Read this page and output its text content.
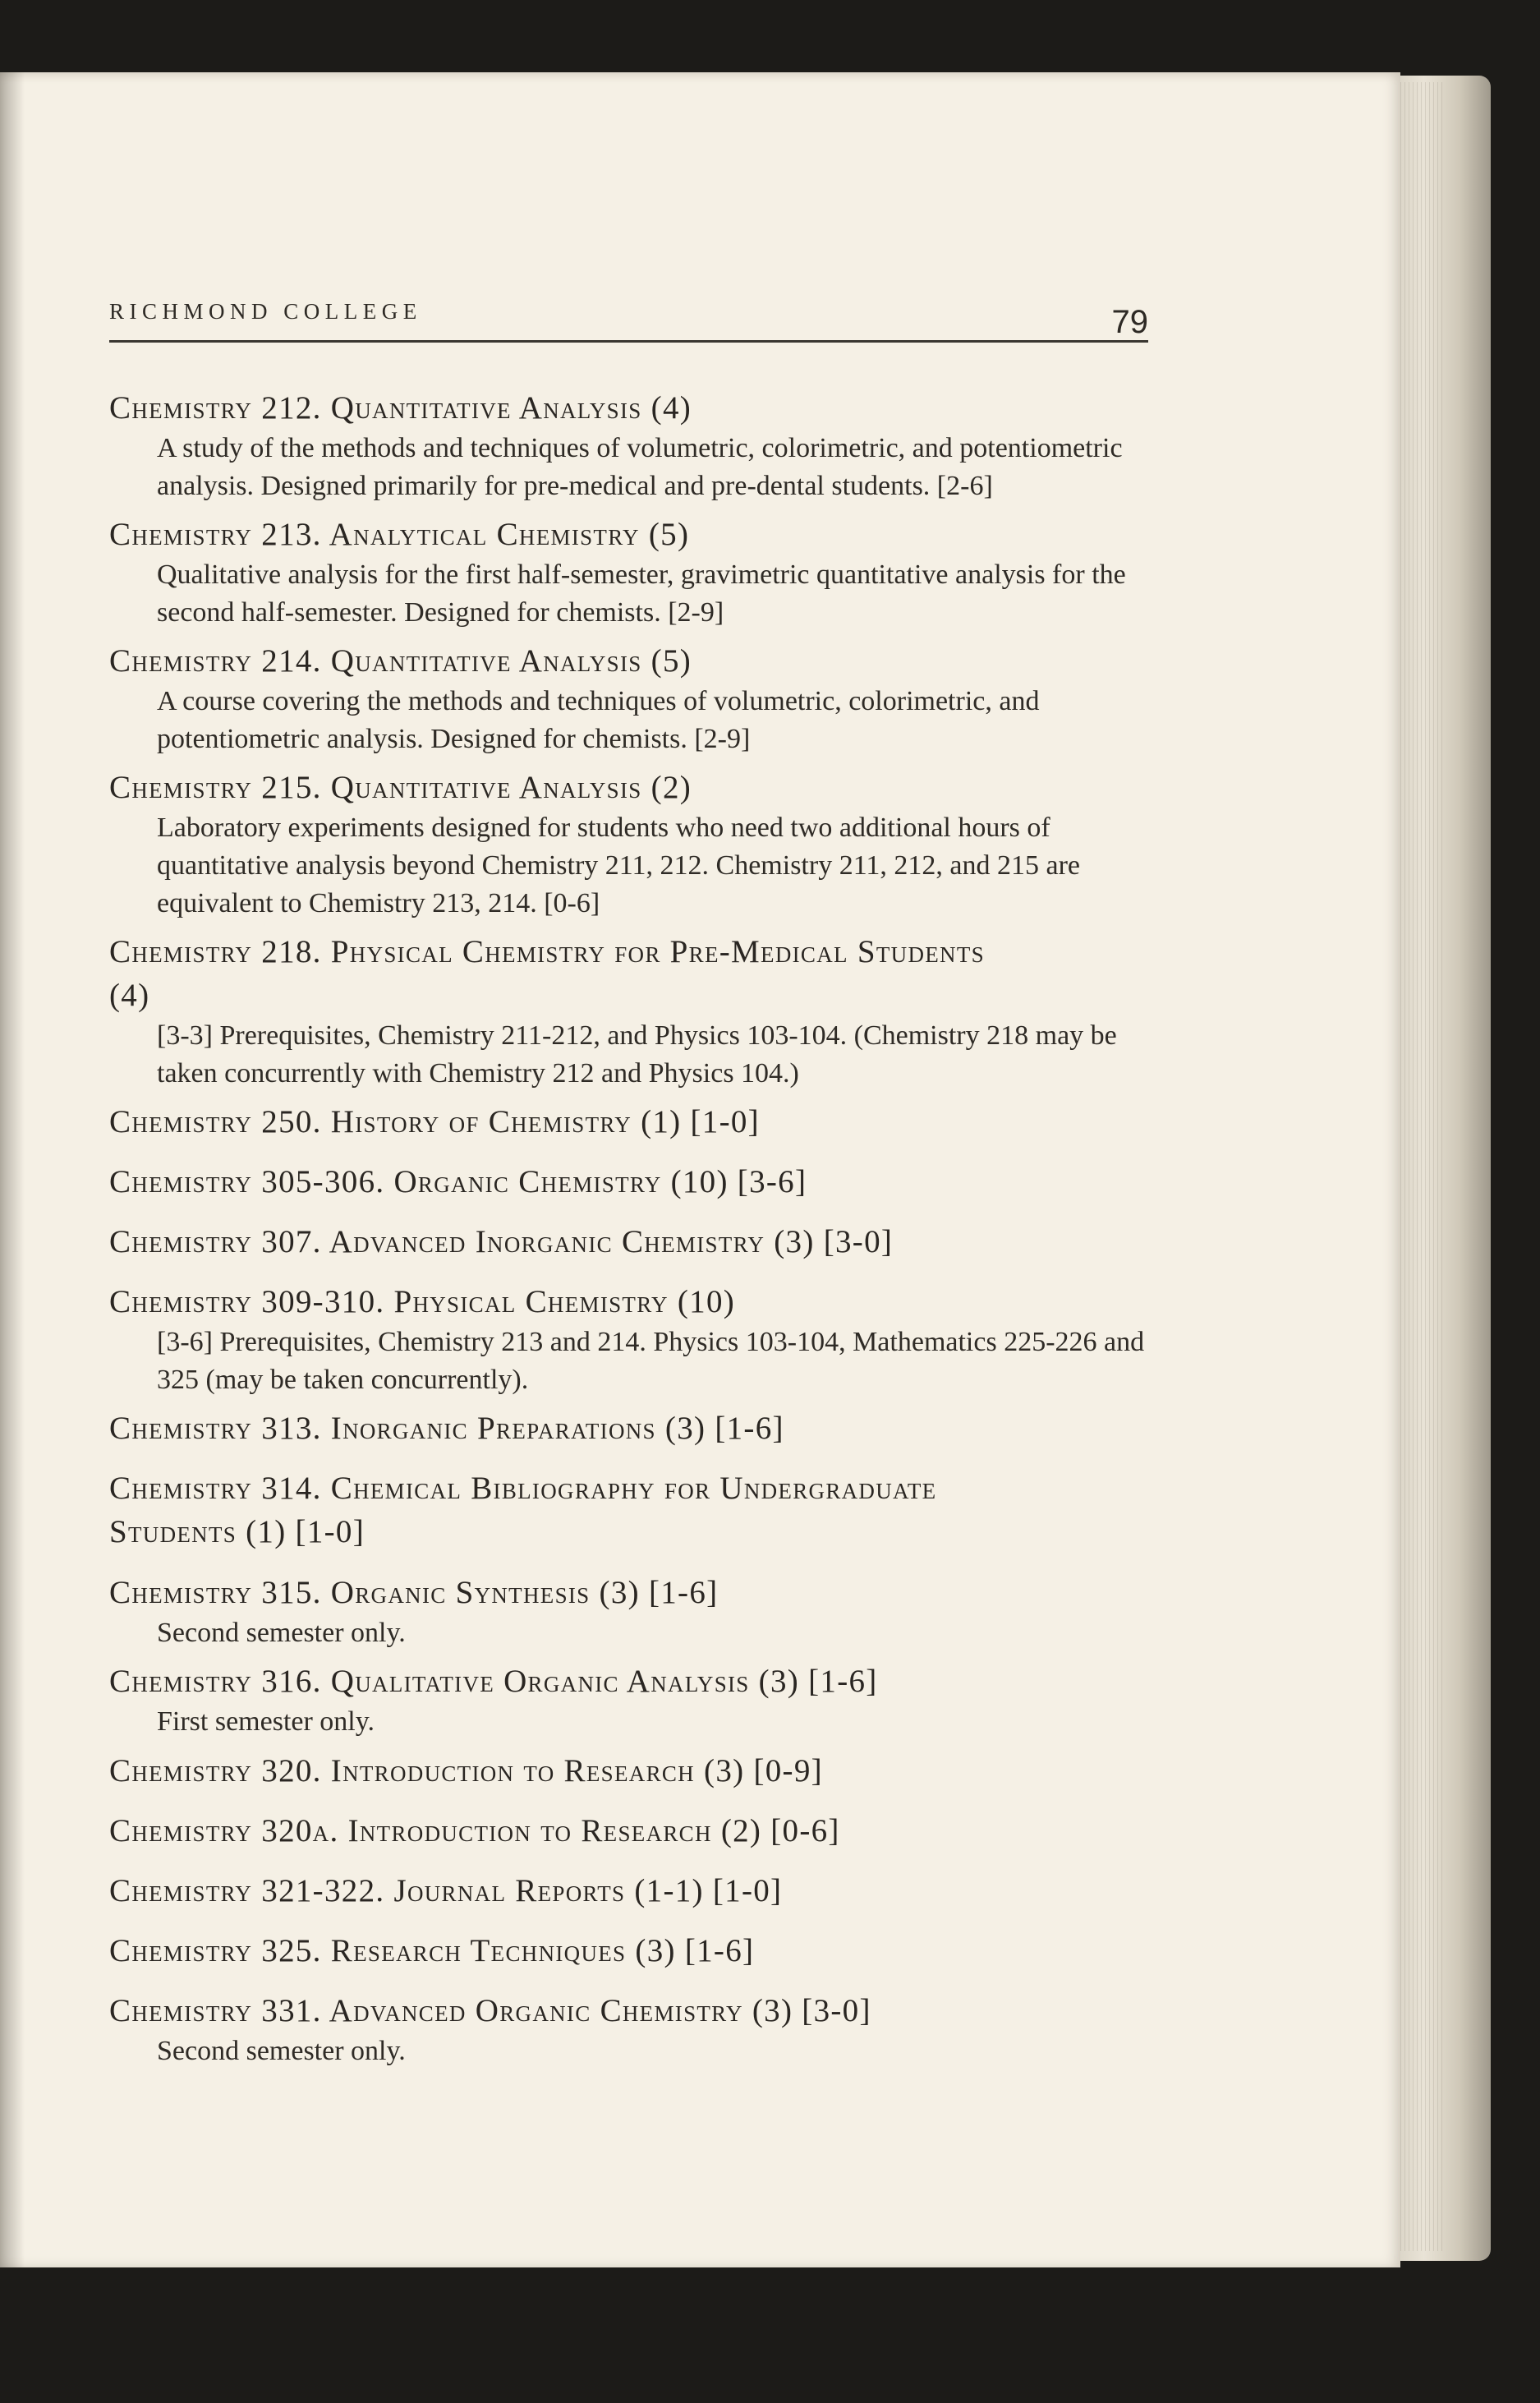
RICHMOND COLLEGE	79
Chemistry 212. Quantitative Analysis (4)
A study of the methods and techniques of volumetric, colorimetric, and potentiometric analysis. Designed primarily for pre-medical and pre-dental students. [2-6]
Chemistry 213. Analytical Chemistry (5)
Qualitative analysis for the first half-semester, gravimetric quantitative analysis for the second half-semester. Designed for chemists. [2-9]
Chemistry 214. Quantitative Analysis (5)
A course covering the methods and techniques of volumetric, colorimetric, and potentiometric analysis. Designed for chemists. [2-9]
Chemistry 215. Quantitative Analysis (2)
Laboratory experiments designed for students who need two additional hours of quantitative analysis beyond Chemistry 211, 212. Chemistry 211, 212, and 215 are equivalent to Chemistry 213, 214. [0-6]
Chemistry 218. Physical Chemistry for Pre-Medical Students (4)
[3-3] Prerequisites, Chemistry 211-212, and Physics 103-104. (Chemistry 218 may be taken concurrently with Chemistry 212 and Physics 104.)
Chemistry 250. History of Chemistry (1) [1-0]
Chemistry 305-306. Organic Chemistry (10) [3-6]
Chemistry 307. Advanced Inorganic Chemistry (3) [3-0]
Chemistry 309-310. Physical Chemistry (10)
[3-6] Prerequisites, Chemistry 213 and 214. Physics 103-104, Mathematics 225-226 and 325 (may be taken concurrently).
Chemistry 313. Inorganic Preparations (3) [1-6]
Chemistry 314. Chemical Bibliography for Undergraduate Students (1) [1-0]
Chemistry 315. Organic Synthesis (3) [1-6]
Second semester only.
Chemistry 316. Qualitative Organic Analysis (3) [1-6]
First semester only.
Chemistry 320. Introduction to Research (3) [0-9]
Chemistry 320a. Introduction to Research (2) [0-6]
Chemistry 321-322. Journal Reports (1-1) [1-0]
Chemistry 325. Research Techniques (3) [1-6]
Chemistry 331. Advanced Organic Chemistry (3) [3-0]
Second semester only.
